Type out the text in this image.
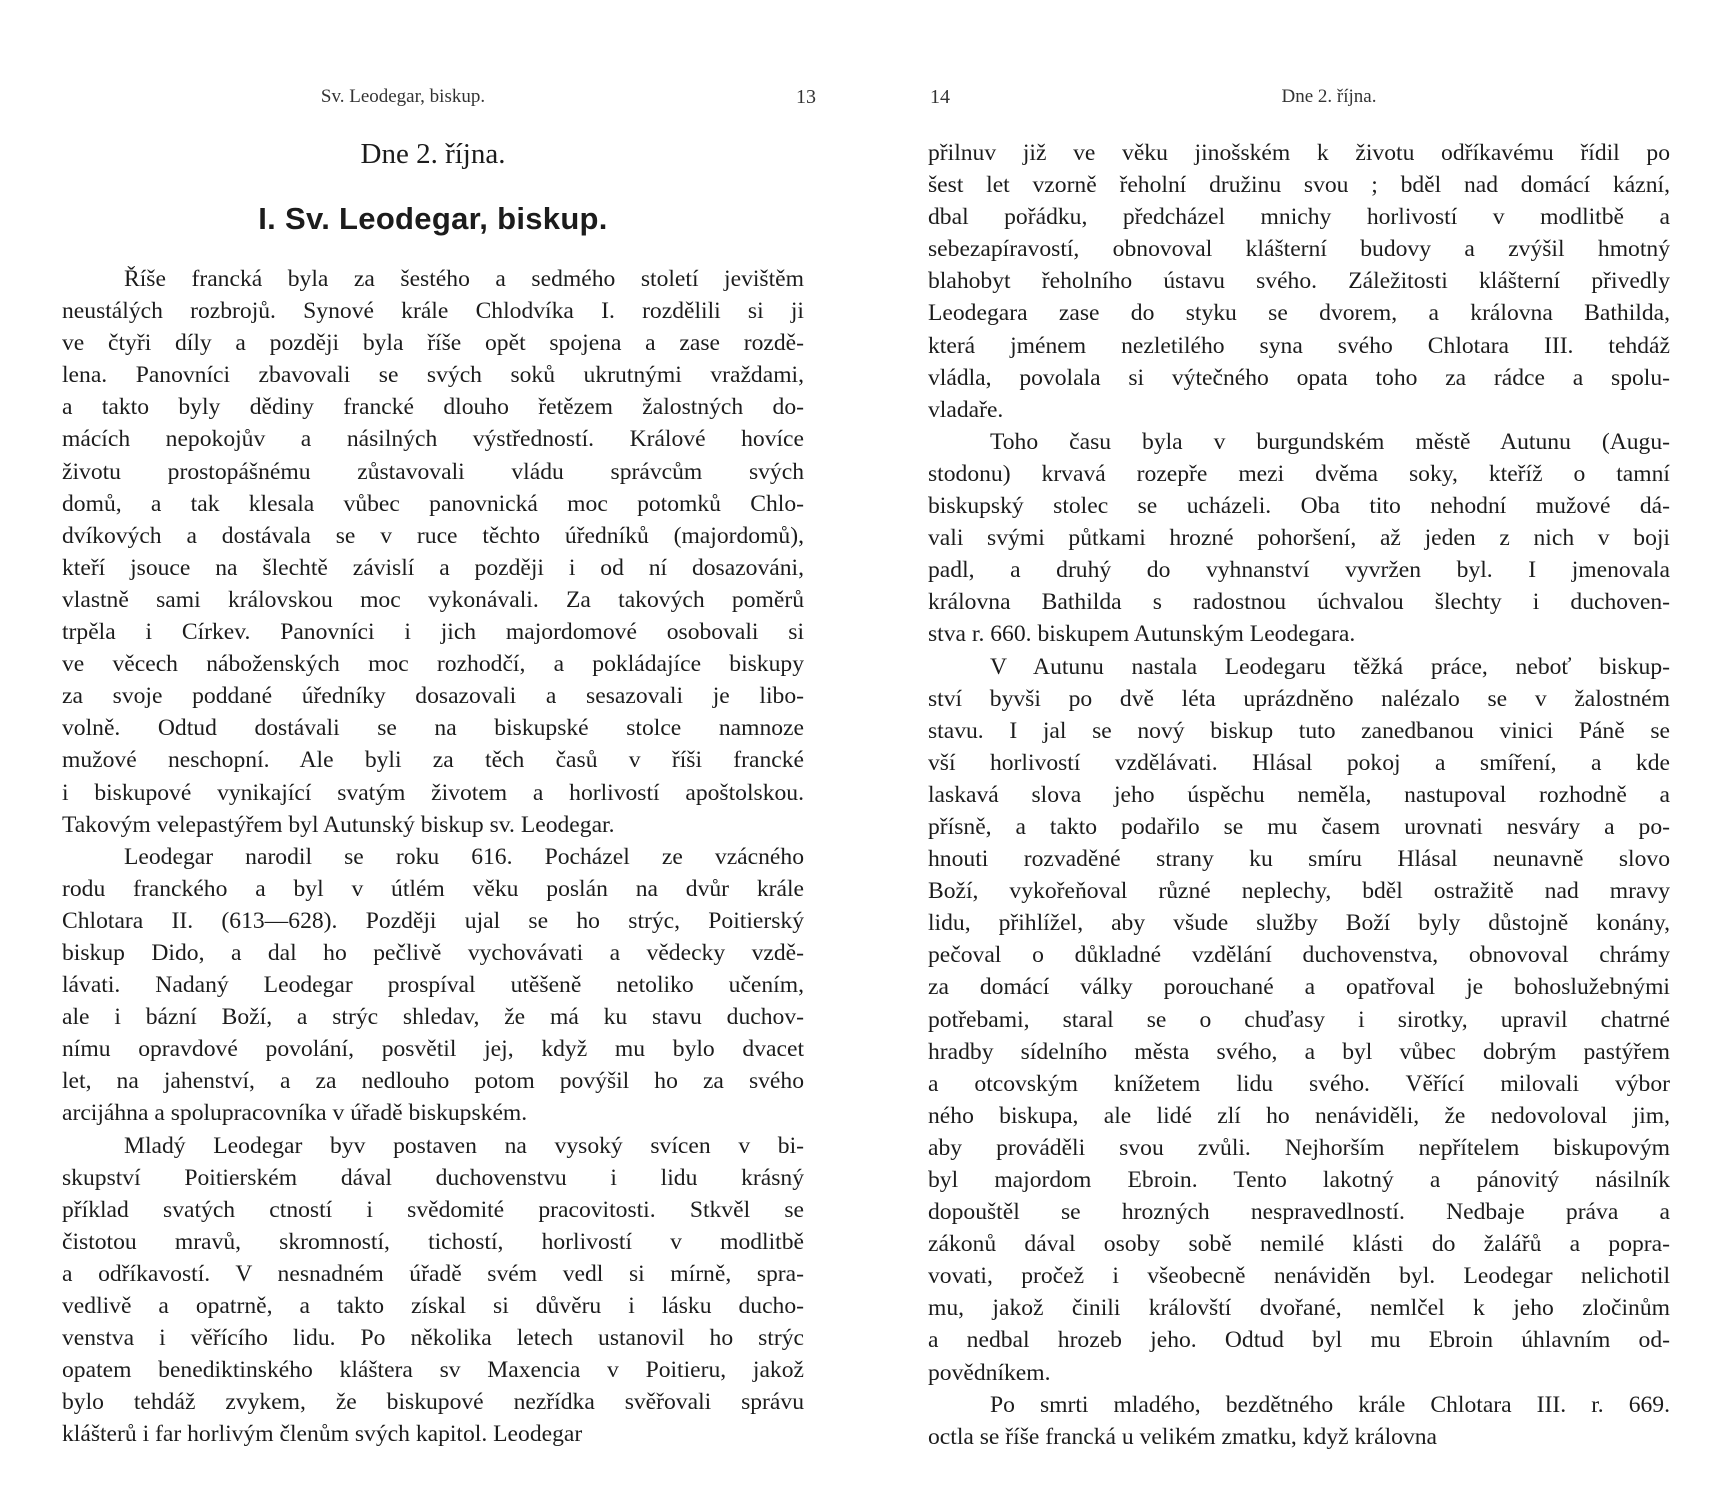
Sv. Leodegar, biskup.	13
Dne 2. října.
I. Sv. Leodegar, biskup.
Říše francká byla za šestého a sedmého století jevištěm
neustálých rozbrojů. Synové krále Chlodvíka I. rozdělili si ji
ve čtyři díly a později byla říše opět spojena a zase rozdě-
lena. Panovníci zbavovali se svých soků ukrutnými vraždami,
a takto byly dědiny francké dlouho řetězem žalostných do-
mácích nepokojův a násilných výstředností. Králové hovíce
životu prostopášnému zůstavovali vládu správcům svých
domů, a tak klesala vůbec panovnická moc potomků Chlo-
dvíkových a dostávala se v ruce těchto úředníků (majordomů),
kteří jsouce na šlechtě závislí a později i od ní dosazováni,
vlastně sami královskou moc vykonávali. Za takových poměrů
trpěla i Církev. Panovníci i jich majordomové osobovali si
ve věcech náboženských moc rozhodčí, a pokládajíce biskupy
za svoje poddané úředníky dosazovali a sesazovali je libo-
volně. Odtud dostávali se na biskupské stolce namnoze
mužové neschopní. Ale byli za těch časů v říši francké
i biskupové vynikající svatým životem a horlivostí apoštolskou.
Takovým velepastýřem byl Autunský biskup sv. Leodegar.
Leodegar narodil se roku 616. Pocházel ze vzácného
rodu franckého a byl v útlém věku poslán na dvůr krále
Chlotara II. (613—628). Později ujal se ho strýc, Poitierský
biskup Dido, a dal ho pečlivě vychovávati a vědecky vzdě-
lávati. Nadaný Leodegar prospíval utěšeně netoliko učením,
ale i bázní Boží, a strýc shledav, že má ku stavu duchov-
nímu opravdové povolání, posvětil jej, když mu bylo dvacet
let, na jahenství, a za nedlouho potom povýšil ho za svého
arcijáhna a spolupracovníka v úřadě biskupském.
Mladý Leodegar byv postaven na vysoký svícen v bi-
skupství Poitierském dával duchovenstvu i lidu krásný
příklad svatých ctností i svědomité pracovitosti. Stkvěl se
čistotou mravů, skromností, tichostí, horlivostí v modlitbě
a odříkavostí. V nesnadném úřadě svém vedl si mírně, spra-
vedlivě a opatrně, a takto získal si důvěru i lásku ducho-
venstva i věřícího lidu. Po několika letech ustanovil ho strýc
opatem benediktinského kláštera sv Maxencia v Poitieru, jakož
bylo tehdáž zvykem, že biskupové nezřídka svěřovali správu
klášterů i far horlivým členům svých kapitol. Leodegar
14	Dne 2. října.
přilnuv již ve věku jinošském k životu odříkavému řídil po
šest let vzorně řeholní družinu svou ; bděl nad domácí kázní,
dbal pořádku, předcházel mnichy horlivostí v modlitbě a
sebezapíravostí, obnovoval klášterní budovy a zvýšil hmotný
blahobyt řeholního ústavu svého. Záležitosti klášterní přivedly
Leodegara zase do styku se dvorem, a královna Bathilda,
která jménem nezletilého syna svého Chlotara III. tehdáž
vládla, povolala si výtečného opata toho za rádce a spolu-
vladaře.
Toho času byla v burgundském městě Autunu (Augu-
stodonu) krvavá rozepře mezi dvěma soky, kteříž o tamní
biskupský stolec se ucházeli. Oba tito nehodní mužové dá-
vali svými půtkami hrozné pohoršení, až jeden z nich v boji
padl, a druhý do vyhnanství vyvržen byl. I jmenovala
královna Bathilda s radostnou úchvalou šlechty i duchoven-
stva r. 660. biskupem Autunským Leodegara.
V Autunu nastala Leodegaru těžká práce, neboť biskup-
ství byvši po dvě léta uprázdněno nalézalo se v žalostném
stavu. I jal se nový biskup tuto zanedbanou vinici Páně se
vší horlivostí vzdělávati. Hlásal pokoj a smíření, a kde
laskavá slova jeho úspěchu neměla, nastupoval rozhodně a
přísně, a takto podařilo se mu časem urovnati nesváry a po-
hnouti rozvaděné strany ku smíru Hlásal neunavně slovo
Boží, vykořeňoval různé neplechy, bděl ostražitě nad mravy
lidu, přihlížel, aby všude služby Boží byly důstojně konány,
pečoval o důkladné vzdělání duchovenstva, obnovoval chrámy
za domácí války porouchané a opatřoval je bohoslužebnými
potřebami, staral se o chuďasy i sirotky, upravil chatrné
hradby sídelního města svého, a byl vůbec dobrým pastýřem
a otcovským knížetem lidu svého. Věřící milovali výbor
ného biskupa, ale lidé zlí ho nenáviděli, že nedovoloval jim,
aby prováděli svou zvůli. Nejhorším nepřítelem biskupovým
byl majordom Ebroin. Tento lakotný a pánovitý násilník
dopouštěl se hrozných nespravedlností. Nedbaje práva a
zákonů dával osoby sobě nemilé klásti do žalářů a popra-
vovati, pročež i všeobecně nenáviděn byl. Leodegar nelichotil
mu, jakož činili královští dvořané, nemlčel k jeho zločinům
a nedbal hrozeb jeho. Odtud byl mu Ebroin úhlavním od-
povědníkem.
Po smrti mladého, bezdětného krále Chlotara III. r. 669.
octla se říše francká u velikém zmatku, když královna
